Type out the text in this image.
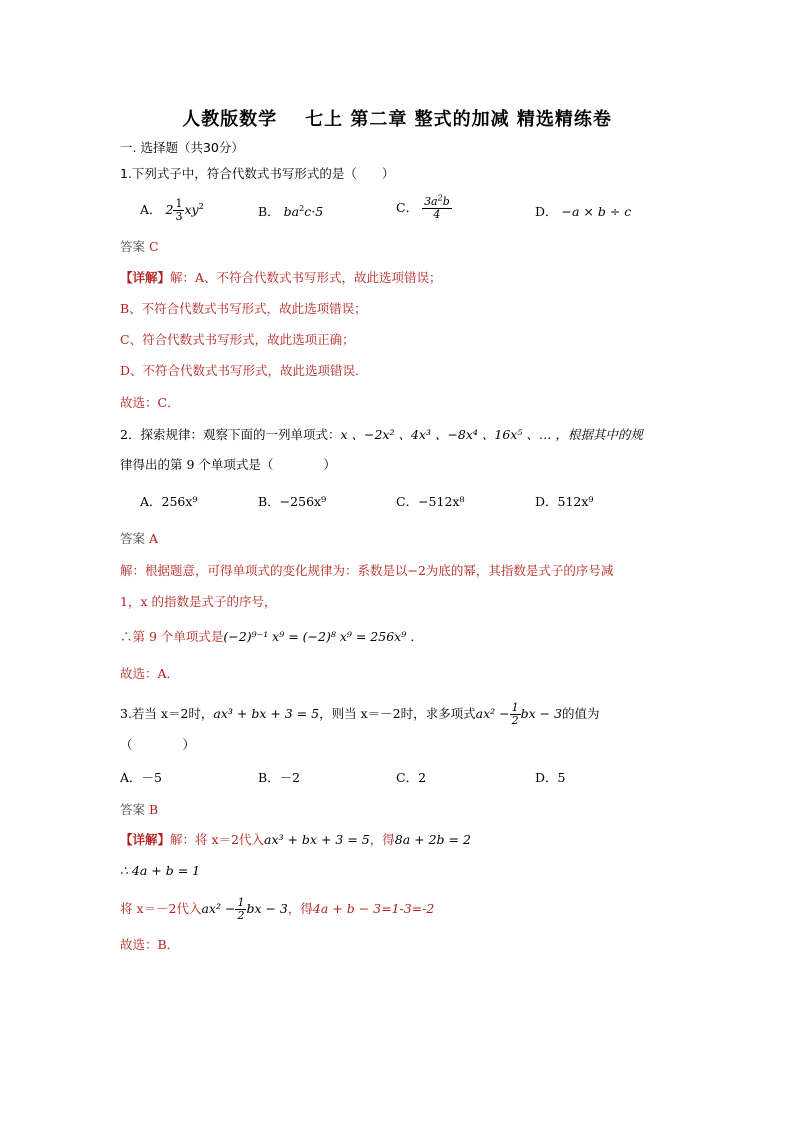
人教版数学 七上 第二章 整式的加减 精选精练卷
一. 选择题（共30分）
1.下列式子中，符合代数式书写形式的是（　　）
A． $2 \frac{1}{3} xy^2$	B． $ba^2c\cdot 5$	C． $\frac{3a^2b}{4}$	D． −a × b ÷ c
答案 C
【详解】解：A、不符合代数式书写形式，故此选项错误；
B、不符合代数式书写形式，故此选项错误；
C、符合代数式书写形式，故此选项正确；
D、不符合代数式书写形式，故此选项错误．
故选：C．
2．探索规律：观察下面的一列单项式：x 、−2x² 、4x³ 、−8x⁴ 、16x⁵ 、… ，根据其中的规
律得出的第 9 个单项式是（　　　　）
A．256x⁹	B．−256x⁹	C．−512x⁸	D．512x⁹
答案 A
解：根据题意，可得单项式的变化规律为：系数是以−2为底的幂，其指数是式子的序号减
1，x 的指数是式子的序号，
∴第 9 个单项式是(−2)⁹⁻¹ x⁹ = (−2)⁸ x⁹ = 256x⁹ ．
故选：A．
3.若当 x＝2时，ax³ + bx + 3 = 5，则当 x＝－2时，求多项式$ax^2 - \frac{1}{2}$ bx − 3的值为
（　　　　）
A．－5	B．－2	C．2	D．5
答案 B
【详解】解：将 x＝2代入ax³ + bx + 3 = 5，得8a + 2b = 2
∴ 4a + b = 1
将 x＝－2代入$ax^2 - \frac{1}{2}$ bx − 3，得4a + b − 3=1-3=-2
故选：B．
